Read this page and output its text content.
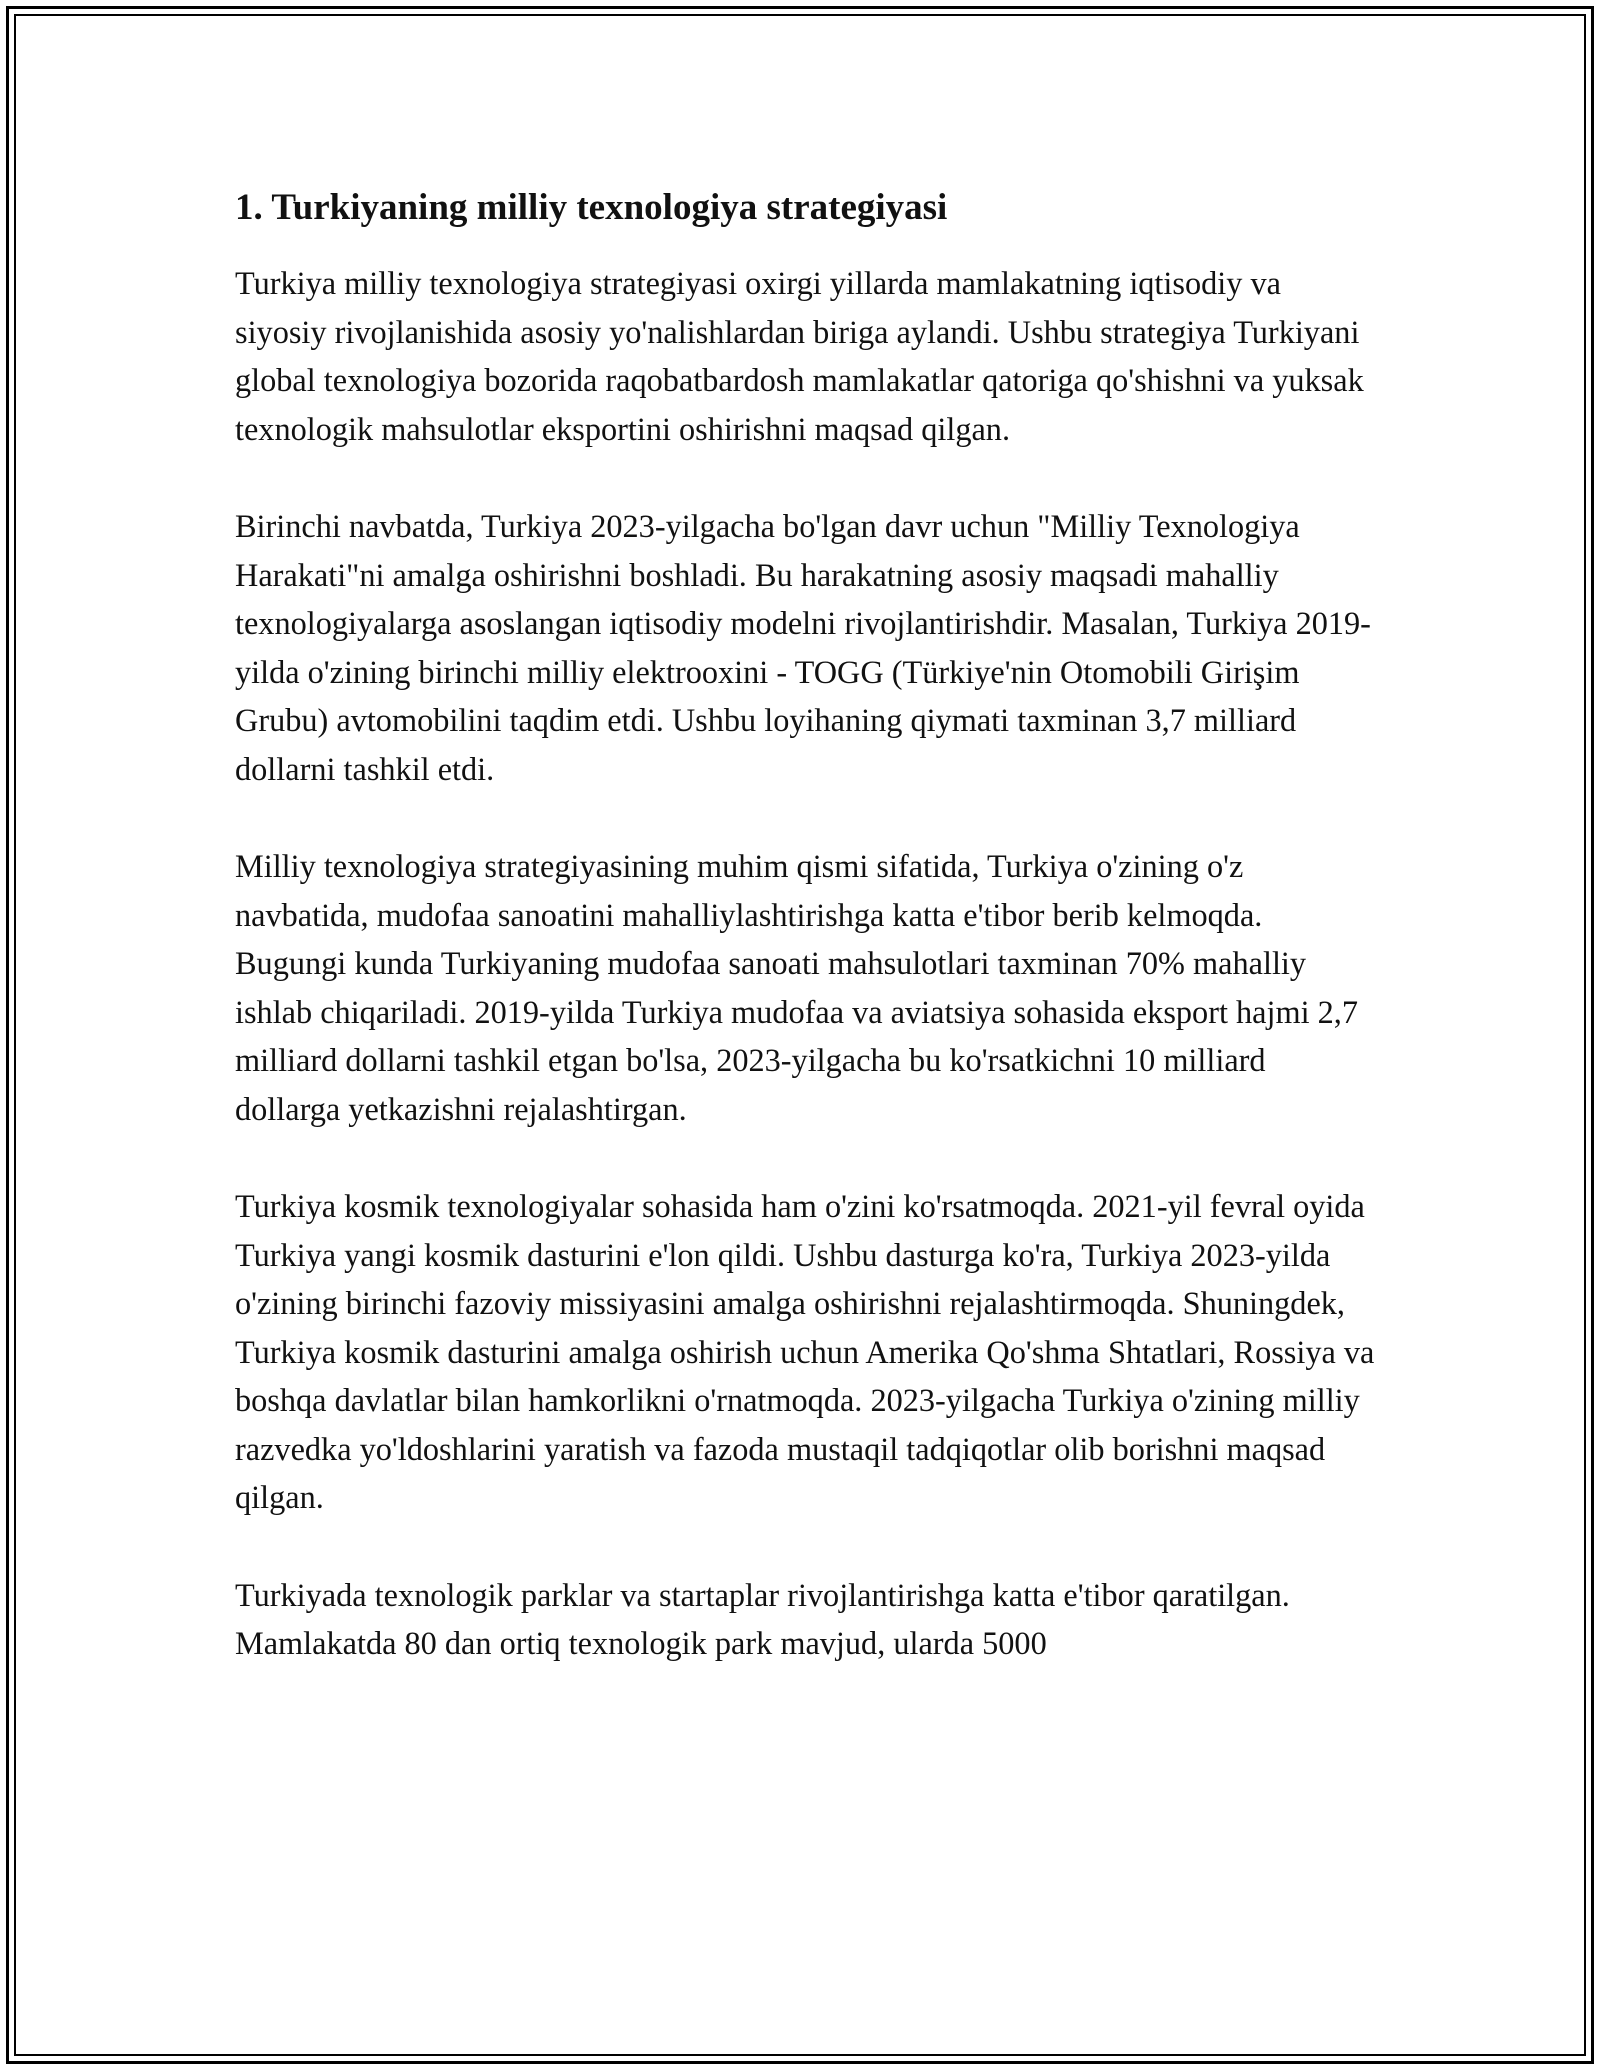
1. Turkiyaning milliy texnologiya strategiyasi

Turkiya milliy texnologiya strategiyasi oxirgi yillarda mamlakatning iqtisodiy va siyosiy rivojlanishida asosiy yo'nalishlardan biriga aylandi. Ushbu strategiya Turkiyani global texnologiya bozorida raqobatbardosh mamlakatlar qatoriga qo'shishni va yuksak texnologik mahsulotlar eksportini oshirishni maqsad qilgan.

Birinchi navbatda, Turkiya 2023-yilgacha bo'lgan davr uchun "Milliy Texnologiya Harakati"ni amalga oshirishni boshladi. Bu harakatning asosiy maqsadi mahalliy texnologiyalarga asoslangan iqtisodiy modelni rivojlantirishdir. Masalan, Turkiya 2019-yilda o'zining birinchi milliy elektrooxini - TOGG (Türkiye'nin Otomobili Girişim Grubu) avtomobilini taqdim etdi. Ushbu loyihaning qiymati taxminan 3,7 milliard dollarni tashkil etdi.

Milliy texnologiya strategiyasining muhim qismi sifatida, Turkiya o'zining o'z navbatida, mudofaa sanoatini mahalliylashtirishga katta e'tibor berib kelmoqda. Bugungi kunda Turkiyaning mudofaa sanoati mahsulotlari taxminan 70% mahalliy ishlab chiqariladi. 2019-yilda Turkiya mudofaa va aviatsiya sohasida eksport hajmi 2,7 milliard dollarni tashkil etgan bo'lsa, 2023-yilgacha bu ko'rsatkichni 10 milliard dollarga yetkazishni rejalashtirgan.

Turkiya kosmik texnologiyalar sohasida ham o'zini ko'rsatmoqda. 2021-yil fevral oyida Turkiya yangi kosmik dasturini e'lon qildi. Ushbu dasturga ko'ra, Turkiya 2023-yilda o'zining birinchi fazoviy missiyasini amalga oshirishni rejalashtirmoqda. Shuningdek, Turkiya kosmik dasturini amalga oshirish uchun Amerika Qo'shma Shtatlari, Rossiya va boshqa davlatlar bilan hamkorlikni o'rnatmoqda. 2023-yilgacha Turkiya o'zining milliy razvedka yo'ldoshlarini yaratish va fazoda mustaqil tadqiqotlar olib borishni maqsad qilgan.

Turkiyada texnologik parklar va startaplar rivojlantirishga katta e'tibor qaratilgan. Mamlakatda 80 dan ortiq texnologik park mavjud, ularda 5000
